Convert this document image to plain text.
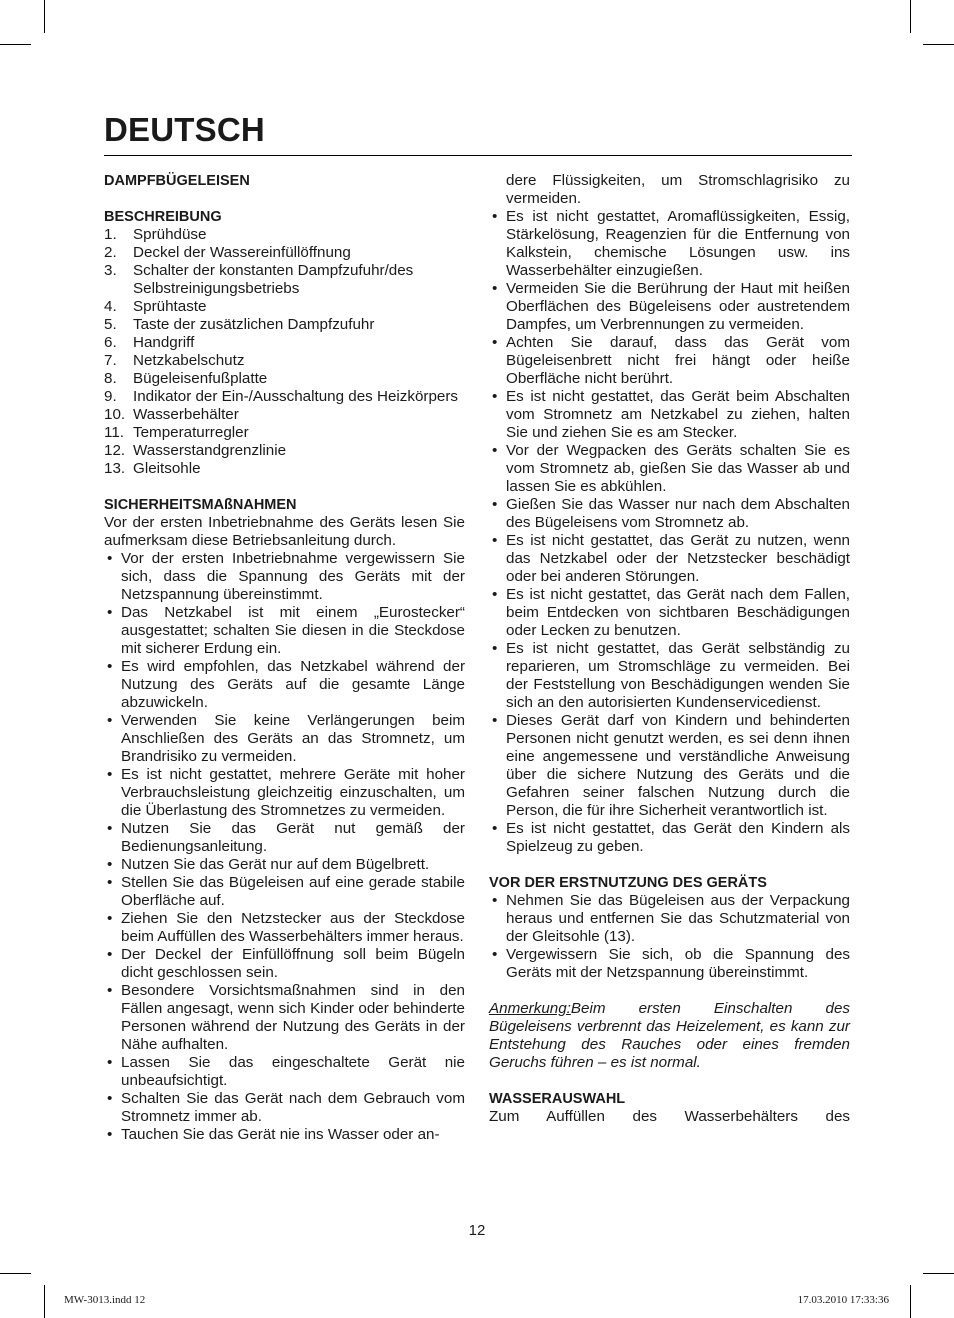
DEUTSCH
DAMPFBÜGELEISEN
BESCHREIBUNG
1.	Sprühdüse
2.	Deckel der Wassereinfüllöffnung
3.	Schalter der konstanten Dampfzufuhr/des Selbstreinigungsbetriebs
4.	Sprühtaste
5.	Taste der zusätzlichen Dampfzufuhr
6.	Handgriff
7.	Netzkabelschutz
8.	Bügeleisenfußplatte
9.	Indikator der Ein-/Ausschaltung des Heizkörpers
10. Wasserbehälter
11. Temperaturregler
12. Wasserstandgrenzlinie
13. Gleitsohle
SICHERHEITSMAßNAHMEN
Vor der ersten Inbetriebnahme des Geräts lesen Sie aufmerksam diese Betriebsanleitung durch.
• Vor der ersten Inbetriebnahme vergewissern Sie sich, dass die Spannung des Geräts mit der Netzspannung übereinstimmt.
• Das Netzkabel ist mit einem „Eurostecker“ ausgestattet; schalten Sie diesen in die Steckdose mit sicherer Erdung ein.
• Es wird empfohlen, das Netzkabel während der Nutzung des Geräts auf die gesamte Länge abzuwickeln.
• Verwenden Sie keine Verlängerungen beim Anschließen des Geräts an das Stromnetz, um Brandrisiko zu vermeiden.
• Es ist nicht gestattet, mehrere Geräte mit hoher Verbrauchsleistung gleichzeitig einzuschalten, um die Überlastung des Stromnetzes zu vermeiden.
• Nutzen Sie das Gerät nut gemäß der Bedienungsanleitung.
• Nutzen Sie das Gerät nur auf dem Bügelbrett.
• Stellen Sie das Bügeleisen auf eine gerade stabile Oberfläche auf.
• Ziehen Sie den Netzstecker aus der Steckdose beim Auffüllen des Wasserbehälters immer heraus.
• Der Deckel der Einfüllöffnung soll beim Bügeln dicht geschlossen sein.
• Besondere Vorsichtsmaßnahmen sind in den Fällen angesagt, wenn sich Kinder oder behinderte Personen während der Nutzung des Geräts in der Nähe aufhalten.
• Lassen Sie das eingeschaltete Gerät nie unbeaufsichtigt.
• Schalten Sie das Gerät nach dem Gebrauch vom Stromnetz immer ab.
• Tauchen Sie das Gerät nie ins Wasser oder an-
dere Flüssigkeiten, um Stromschlagrisiko zu vermeiden.
• Es ist nicht gestattet, Aromaflüssigkeiten, Essig, Stärkelösung, Reagenzien für die Entfernung von Kalkstein, chemische Lösungen usw. ins Wasserbehälter einzugießen.
• Vermeiden Sie die Berührung der Haut mit heißen Oberflächen des Bügeleisens oder austretendem Dampfes, um Verbrennungen zu vermeiden.
• Achten Sie darauf, dass das Gerät vom Bügeleisenbrett nicht frei hängt oder heiße Oberfläche nicht berührt.
• Es ist nicht gestattet, das Gerät beim Abschalten vom Stromnetz am Netzkabel zu ziehen, halten Sie und ziehen Sie es am Stecker.
• Vor der Wegpacken des Geräts schalten Sie es vom Stromnetz ab, gießen Sie das Wasser ab und lassen Sie es abkühlen.
• Gießen Sie das Wasser nur nach dem Abschalten des Bügeleisens vom Stromnetz ab.
• Es ist nicht gestattet, das Gerät zu nutzen, wenn das Netzkabel oder der Netzstecker beschädigt oder bei anderen Störungen.
• Es ist nicht gestattet, das Gerät nach dem Fallen, beim Entdecken von sichtbaren Beschädigungen oder Lecken zu benutzen.
• Es ist nicht gestattet, das Gerät selbständig zu reparieren, um Stromschläge zu vermeiden. Bei der Feststellung von Beschädigungen wenden Sie sich an den autorisierten Kundenservicedienst.
• Dieses Gerät darf von Kindern und behinderten Personen nicht genutzt werden, es sei denn ihnen eine angemessene und verständliche Anweisung über die sichere Nutzung des Geräts und die Gefahren seiner falschen Nutzung durch die Person, die für ihre Sicherheit verantwortlich ist.
• Es ist nicht gestattet, das Gerät den Kindern als Spielzeug zu geben.
VOR DER ERSTNUTZUNG DES GERÄTS
• Nehmen Sie das Bügeleisen aus der Verpackung heraus und entfernen Sie das Schutzmaterial von der Gleitsohle (13).
• Vergewissern Sie sich, ob die Spannung des Geräts mit der Netzspannung übereinstimmt.
Anmerkung:Beim ersten Einschalten des Bügeleisens verbrennt das Heizelement, es kann zur Entstehung des Rauches oder eines fremden Geruchs führen – es ist normal.
WASSERAUSWAHL
Zum Auffüllen des Wasserbehälters des
12
MW-3013.indd 12	17.03.2010 17:33:36
